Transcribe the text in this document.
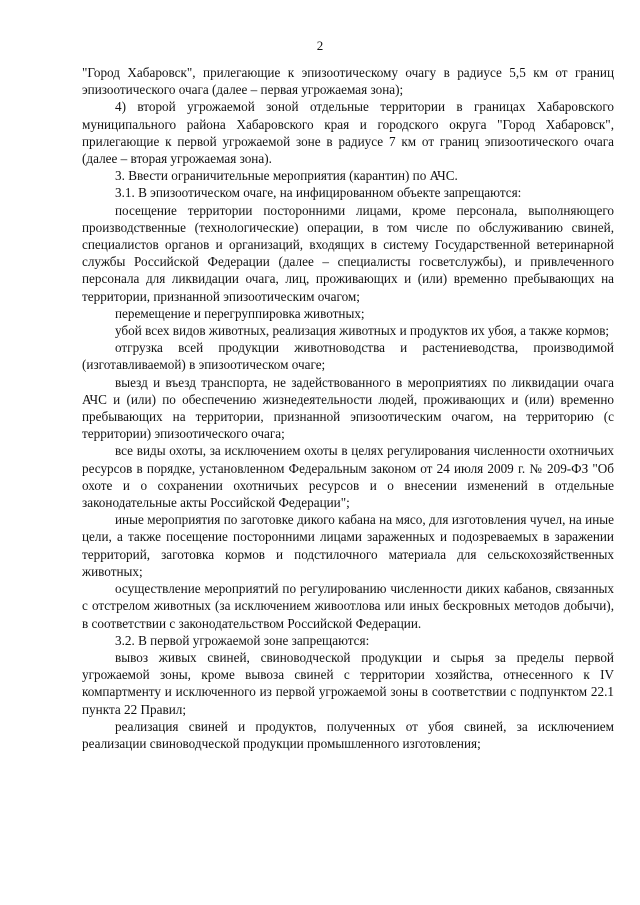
2

"Город Хабаровск", прилегающие к эпизоотическому очагу в радиусе 5,5 км от границ эпизоотического очага (далее – первая угрожаемая зона);

4) второй угрожаемой зоной отдельные территории в границах Хабаровского муниципального района Хабаровского края и городского округа "Город Хабаровск", прилегающие к первой угрожаемой зоне в радиусе 7 км от границ эпизоотического очага (далее – вторая угрожаемая зона).

3. Ввести ограничительные мероприятия (карантин) по АЧС.

3.1. В эпизоотическом очаге, на инфицированном объекте запрещаются:

посещение территории посторонними лицами, кроме персонала, выполняющего производственные (технологические) операции, в том числе по обслуживанию свиней, специалистов органов и организаций, входящих в систему Государственной ветеринарной службы Российской Федерации (далее – специалисты госветслужбы), и привлеченного персонала для ликвидации очага, лиц, проживающих и (или) временно пребывающих на территории, признанной эпизоотическим очагом;

перемещение и перегруппировка животных;

убой всех видов животных, реализация животных и продуктов их убоя, а также кормов;

отгрузка всей продукции животноводства и растениеводства, производимой (изготавливаемой) в эпизоотическом очаге;

выезд и въезд транспорта, не задействованного в мероприятиях по ликвидации очага АЧС и (или) по обеспечению жизнедеятельности людей, проживающих и (или) временно пребывающих на территории, признанной эпизоотическим очагом, на территорию (с территории) эпизоотического очага;

все виды охоты, за исключением охоты в целях регулирования численности охотничьих ресурсов в порядке, установленном Федеральным законом от 24 июля 2009 г. № 209-ФЗ "Об охоте и о сохранении охотничьих ресурсов и о внесении изменений в отдельные законодательные акты Российской Федерации";

иные мероприятия по заготовке дикого кабана на мясо, для изготовления чучел, на иные цели, а также посещение посторонними лицами зараженных и подозреваемых в заражении территорий, заготовка кормов и подстилочного материала для сельскохозяйственных животных;

осуществление мероприятий по регулированию численности диких кабанов, связанных с отстрелом животных (за исключением живоотлова или иных бескровных методов добычи), в соответствии с законодательством Российской Федерации.

3.2. В первой угрожаемой зоне запрещаются:

вывоз живых свиней, свиноводческой продукции и сырья за пределы первой угрожаемой зоны, кроме вывоза свиней с территории хозяйства, отнесенного к IV компартменту и исключенного из первой угрожаемой зоны в соответствии с подпунктом 22.1 пункта 22 Правил;

реализация свиней и продуктов, полученных от убоя свиней, за исключением реализации свиноводческой продукции промышленного изготовления;
